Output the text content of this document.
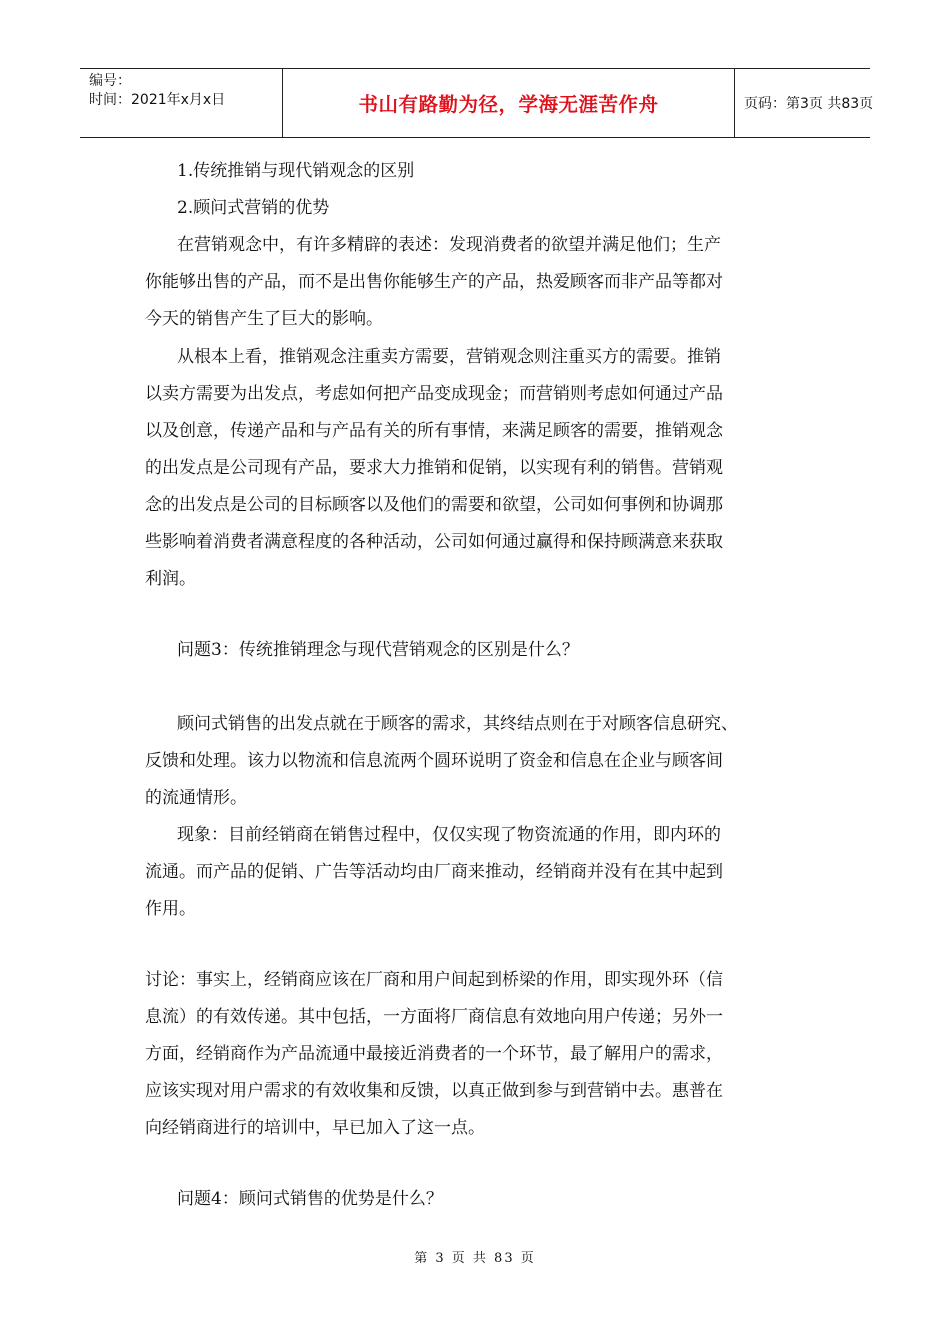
编号：
时间：2021年x月x日	书山有路勤为径，学海无涯苦作舟	页码：第3页 共83页
1.传统推销与现代销观念的区别
2.顾问式营销的优势
在营销观念中，有许多精辟的表述：发现消费者的欲望并满足他们；生产
你能够出售的产品，而不是出售你能够生产的产品，热爱顾客而非产品等都对
今天的销售产生了巨大的影响。
从根本上看，推销观念注重卖方需要，营销观念则注重买方的需要。推销
以卖方需要为出发点，考虑如何把产品变成现金；而营销则考虑如何通过产品
以及创意，传递产品和与产品有关的所有事情，来满足顾客的需要，推销观念
的出发点是公司现有产品，要求大力推销和促销，以实现有利的销售。营销观
念的出发点是公司的目标顾客以及他们的需要和欲望，公司如何事例和协调那
些影响着消费者满意程度的各种活动，公司如何通过赢得和保持顾满意来获取
利润。
问题3：传统推销理念与现代营销观念的区别是什么？
顾问式销售的出发点就在于顾客的需求，其终结点则在于对顾客信息研究、
反馈和处理。该力以物流和信息流两个圆环说明了资金和信息在企业与顾客间
的流通情形。
现象：目前经销商在销售过程中，仅仅实现了物资流通的作用，即内环的
流通。而产品的促销、广告等活动均由厂商来推动，经销商并没有在其中起到
作用。
讨论：事实上，经销商应该在厂商和用户间起到桥梁的作用，即实现外环（信
息流）的有效传递。其中包括，一方面将厂商信息有效地向用户传递；另外一
方面，经销商作为产品流通中最接近消费者的一个环节，最了解用户的需求，
应该实现对用户需求的有效收集和反馈，以真正做到参与到营销中去。惠普在
向经销商进行的培训中，早已加入了这一点。
问题4：顾问式销售的优势是什么？
第 3 页 共 83 页
